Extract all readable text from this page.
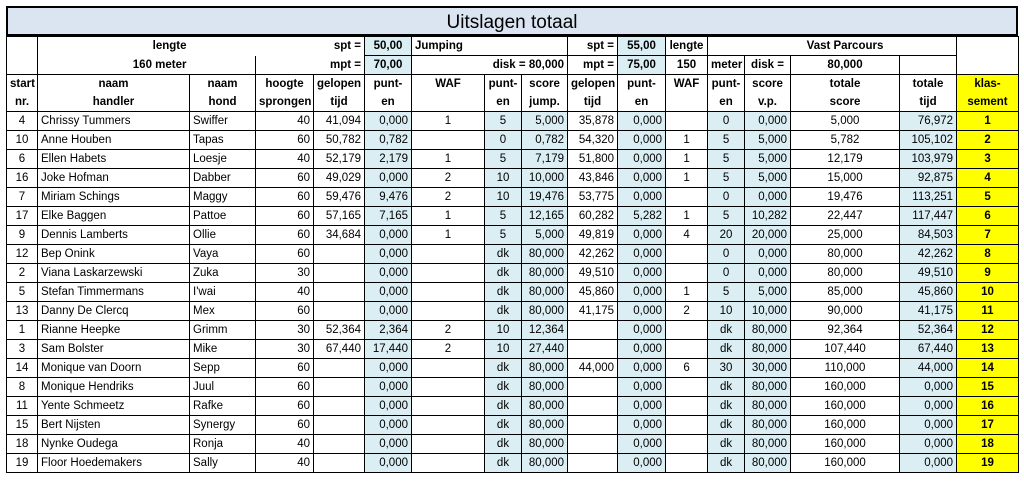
Uitslagen totaal
	lengte			spt =	50,00	Jumping			spt =	55,00	lengte			Vast Parcours		
	160 meter			mpt =	70,00		disk = 80,000		mpt =	75,00	150	meter	disk =	80,000		
start	naam	naam	hoogte	gelopen	punt-	WAF	punt-	score	gelopen	punt-	WAF	punt-	score	totale	totale	klas-
nr.	handler	hond	sprongen	tijd	en		en	jump.	tijd	en		en	v.p.	score	tijd	sement
4	Chrissy Tummers	Swiffer	40	41,094	0,000	1	5	5,000	35,878	0,000		0	0,000	5,000	76,972	1
10	Anne Houben	Tapas	60	50,782	0,782		0	0,782	54,320	0,000	1	5	5,000	5,782	105,102	2
6	Ellen Habets	Loesje	40	52,179	2,179	1	5	7,179	51,800	0,000	1	5	5,000	12,179	103,979	3
16	Joke Hofman	Dabber	60	49,029	0,000	2	10	10,000	43,846	0,000	1	5	5,000	15,000	92,875	4
7	Miriam Schings	Maggy	60	59,476	9,476	2	10	19,476	53,775	0,000		0	0,000	19,476	113,251	5
17	Elke Baggen	Pattoe	60	57,165	7,165	1	5	12,165	60,282	5,282	1	5	10,282	22,447	117,447	6
9	Dennis Lamberts	Ollie	60	34,684	0,000	1	5	5,000	49,819	0,000	4	20	20,000	25,000	84,503	7
12	Bep Onink	Vaya	60		0,000		dk	80,000	42,262	0,000		0	0,000	80,000	42,262	8
2	Viana Laskarzewski	Zuka	30		0,000		dk	80,000	49,510	0,000		0	0,000	80,000	49,510	9
5	Stefan Timmermans	I'wai	40		0,000		dk	80,000	45,860	0,000	1	5	5,000	85,000	45,860	10
13	Danny De Clercq	Mex	60		0,000		dk	80,000	41,175	0,000	2	10	10,000	90,000	41,175	11
1	Rianne Heepke	Grimm	30	52,364	2,364	2	10	12,364		0,000		dk	80,000	92,364	52,364	12
3	Sam Bolster	Mike	30	67,440	17,440	2	10	27,440		0,000		dk	80,000	107,440	67,440	13
14	Monique van Doorn	Sepp	60		0,000		dk	80,000	44,000	0,000	6	30	30,000	110,000	44,000	14
8	Monique Hendriks	Juul	60		0,000		dk	80,000		0,000		dk	80,000	160,000	0,000	15
11	Yente Schmeetz	Rafke	60		0,000		dk	80,000		0,000		dk	80,000	160,000	0,000	16
15	Bert Nijsten	Synergy	60		0,000		dk	80,000		0,000		dk	80,000	160,000	0,000	17
18	Nynke Oudega	Ronja	40		0,000		dk	80,000		0,000		dk	80,000	160,000	0,000	18
19	Floor Hoedemakers	Sally	40		0,000		dk	80,000		0,000		dk	80,000	160,000	0,000	19
